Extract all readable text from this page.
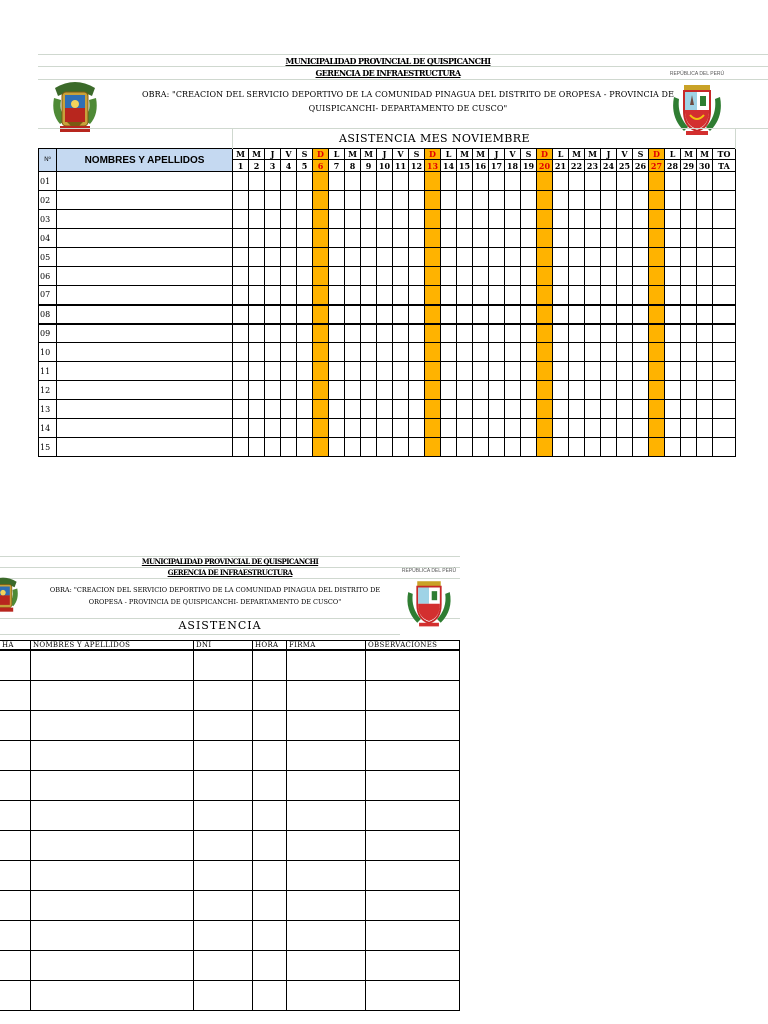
MUNICIPALIDAD PROVINCIAL DE QUISPICANCHI
GERENCIA DE INFRAESTRUCTURA
OBRA: "CREACION DEL SERVICIO DEPORTIVO DE LA COMUNIDAD PINAGUA DEL DISTRITO DE OROPESA - PROVINCIA DE
QUISPICANCHI- DEPARTAMENTO DE CUSCO"
REPÚBLICA DEL PERÚ
		ASISTENCIA MES NOVIEMBRE																														
Nº	NOMBRES Y APELLIDOS	M	M	J	V	S	D	L	M	M	J	V	S	D	L	M	M	J	V	S	D	L	M	M	J	V	S	D	L	M	M	TO
		1	2	3	4	5	6	7	8	9	10	11	12	13	14	15	16	17	18	19	20	21	22	23	24	25	26	27	28	29	30	TA
01																																
02																																
03																																
04																																
05																																
06																																
07																																
08																																
09																																
10																																
11																																
12																																
13																																
14																																
15																																
MUNICIPALIDAD PROVINCIAL DE QUISPICANCHI
GERENCIA DE INFRAESTRUCTURA
OBRA: "CREACION DEL SERVICIO DEPORTIVO DE LA COMUNIDAD PINAGUA DEL DISTRITO DE
OROPESA - PROVINCIA DE QUISPICANCHI- DEPARTAMENTO DE CUSCO"
REPÚBLICA DEL PERÚ
ASISTENCIA
HA	NOMBRES Y APELLIDOS	DNI	HORA	FIRMA	OBSERVACIONES
